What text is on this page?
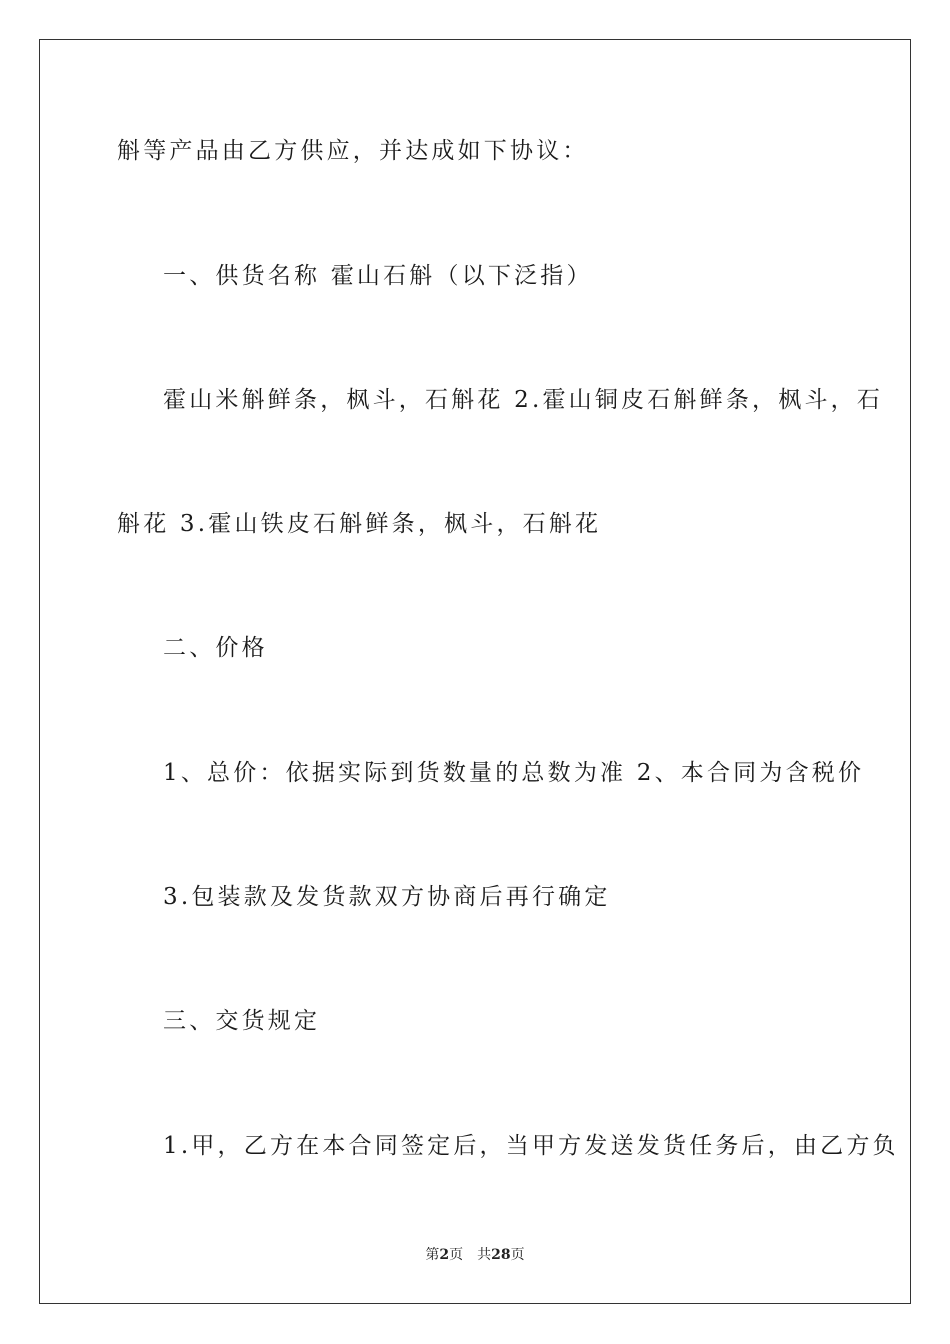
斛等产品由乙方供应，并达成如下协议：
一、供货名称 霍山石斛（以下泛指）
霍山米斛鲜条，枫斗，石斛花 2.霍山铜皮石斛鲜条，枫斗，石
斛花 3.霍山铁皮石斛鲜条，枫斗，石斛花
二、价格
1、总价：依据实际到货数量的总数为准 2、本合同为含税价
3.包装款及发货款双方协商后再行确定
三、交货规定
1.甲，乙方在本合同签定后，当甲方发送发货任务后，由乙方负
第2页 共28页
